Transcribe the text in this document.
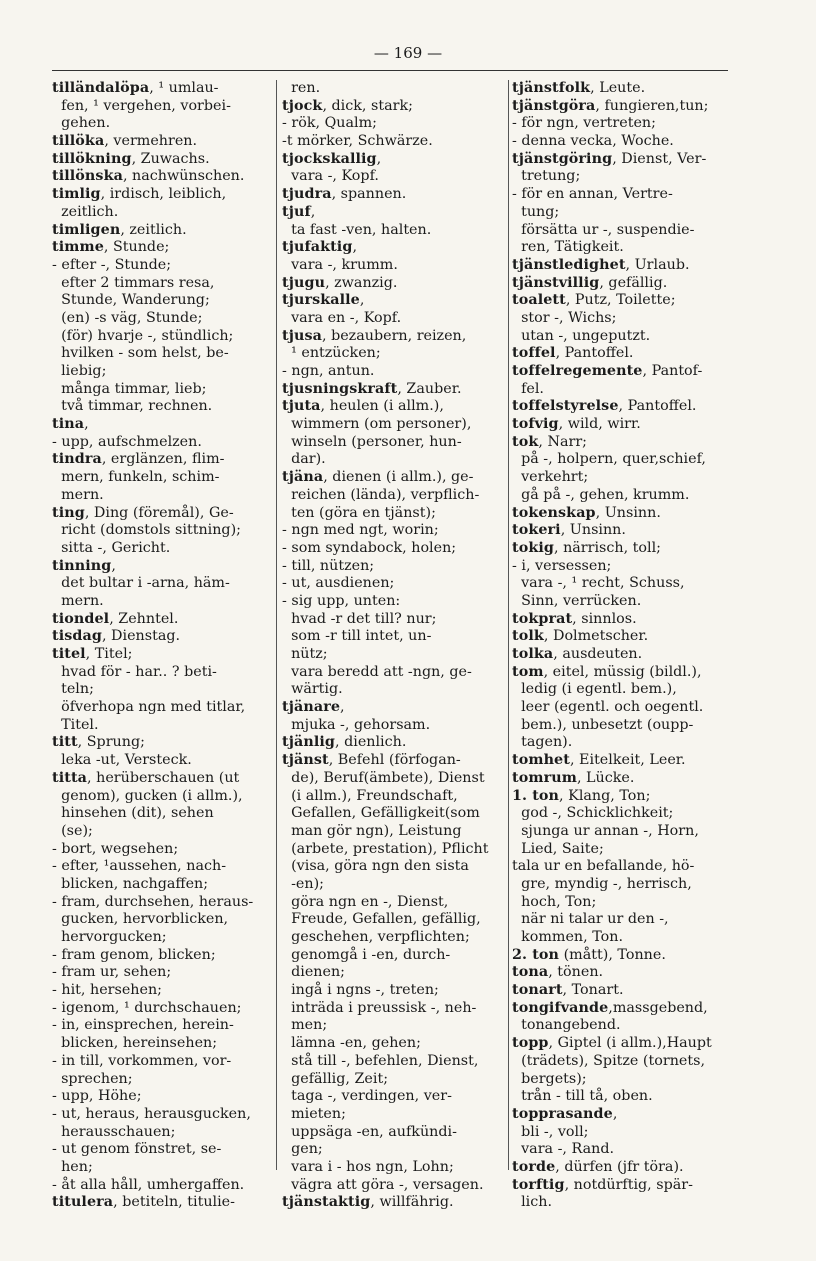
— 169 —
tilländalöpa, ¹ umlau-
fen, ¹ vergehen, vorbei-
gehen.
tillöka, vermehren.
tillökning, Zuwachs.
tillönska, nachwünschen.
timlig, irdisch, leiblich,
zeitlich.
timligen, zeitlich.
timme, Stunde;
- efter -, Stunde;
efter 2 timmars resa,
Stunde, Wanderung;
(en) -s väg, Stunde;
(för) hvarje -, stündlich;
hvilken - som helst, be-
liebig;
många timmar, lieb;
två timmar, rechnen.
tina,
- upp, aufschmelzen.
tindra, erglänzen, flim-
mern, funkeln, schim-
mern.
ting, Ding (föremål), Ge-
richt (domstols sittning);
sitta -, Gericht.
tinning,
det bultar i -arna, häm-
mern.
tiondel, Zehntel.
tisdag, Dienstag.
titel, Titel;
hvad för - har.. ? beti-
teln;
öfverhopa ngn med titlar,
Titel.
titt, Sprung;
leka -ut, Versteck.
titta, herüberschauen (ut
genom), gucken (i allm.),
hinsehen (dit), sehen
(se);
- bort, wegsehen;
- efter, ¹aussehen, nach-
blicken, nachgaffen;
- fram, durchsehen, heraus-
gucken, hervorblicken,
hervorgucken;
- fram genom, blicken;
- fram ur, sehen;
- hit, hersehen;
- igenom, ¹ durchschauen;
- in, einsprechen, herein-
blicken, hereinsehen;
- in till, vorkommen, vor-
sprechen;
- upp, Höhe;
- ut, heraus, herausgucken,
herausschauen;
- ut genom fönstret, se-
hen;
- åt alla håll, umhergaffen.
titulera, betiteln, titulie-
ren.
tjock, dick, stark;
- rök, Qualm;
-t mörker, Schwärze.
tjockskallig,
vara -, Kopf.
tjudra, spannen.
tjuf,
ta fast -ven, halten.
tjufaktig,
vara -, krumm.
tjugu, zwanzig.
tjurskalle,
vara en -, Kopf.
tjusa, bezaubern, reizen,
¹ entzücken;
- ngn, antun.
tjusningskraft, Zauber.
tjuta, heulen (i allm.),
wimmern (om personer),
winseln (personer, hun-
dar).
tjäna, dienen (i allm.), ge-
reichen (lända), verpflich-
ten (göra en tjänst);
- ngn med ngt, worin;
- som syndabock, holen;
- till, nützen;
- ut, ausdienen;
- sig upp, unten:
hvad -r det till? nur;
som -r till intet, un-
nütz;
vara beredd att -ngn, ge-
wärtig.
tjänare,
mjuka -, gehorsam.
tjänlig, dienlich.
tjänst, Befehl (förfogan-
de), Beruf(ämbete), Dienst
(i allm.), Freundschaft,
Gefallen, Gefälligkeit(som
man gör ngn), Leistung
(arbete, prestation), Pflicht
(visa, göra ngn den sista
-en);
göra ngn en -, Dienst,
Freude, Gefallen, gefällig,
geschehen, verpflichten;
genomgå i -en, durch-
dienen;
ingå i ngns -, treten;
inträda i preussisk -, neh-
men;
lämna -en, gehen;
stå till -, befehlen, Dienst,
gefällig, Zeit;
taga -, verdingen, ver-
mieten;
uppsäga -en, aufkündi-
gen;
vara i - hos ngn, Lohn;
vägra att göra -, versagen.
tjänstaktig, willfährig.
tjänstfolk, Leute.
tjänstgöra, fungieren,tun;
- för ngn, vertreten;
- denna vecka, Woche.
tjänstgöring, Dienst, Ver-
tretung;
- för en annan, Vertre-
tung;
försätta ur -, suspendie-
ren, Tätigkeit.
tjänstledighet, Urlaub.
tjänstvillig, gefällig.
toalett, Putz, Toilette;
stor -, Wichs;
utan -, ungeputzt.
toffel, Pantoffel.
toffelregemente, Pantof-
fel.
toffelstyrelse, Pantoffel.
tofvig, wild, wirr.
tok, Narr;
på -, holpern, quer,schief,
verkehrt;
gå på -, gehen, krumm.
tokenskap, Unsinn.
tokeri, Unsinn.
tokig, närrisch, toll;
- i, versessen;
vara -, ¹ recht, Schuss,
Sinn, verrücken.
tokprat, sinnlos.
tolk, Dolmetscher.
tolka, ausdeuten.
tom, eitel, müssig (bildl.),
ledig (i egentl. bem.),
leer (egentl. och oegentl.
bem.), unbesetzt (oupp-
tagen).
tomhet, Eitelkeit, Leer.
tomrum, Lücke.
1. ton, Klang, Ton;
god -, Schicklichkeit;
sjunga ur annan -, Horn,
Lied, Saite;
tala ur en befallande, hö-
gre, myndig -, herrisch,
hoch, Ton;
när ni talar ur den -,
kommen, Ton.
2. ton (mått), Tonne.
tona, tönen.
tonart, Tonart.
tongifvande,massgebend,
tonangebend.
topp, Giptel (i allm.),Haupt
(trädets), Spitze (tornets,
bergets);
trån - till tå, oben.
topprasande,
bli -, voll;
vara -, Rand.
torde, dürfen (jfr töra).
torftig, notdürftig, spär-
lich.
